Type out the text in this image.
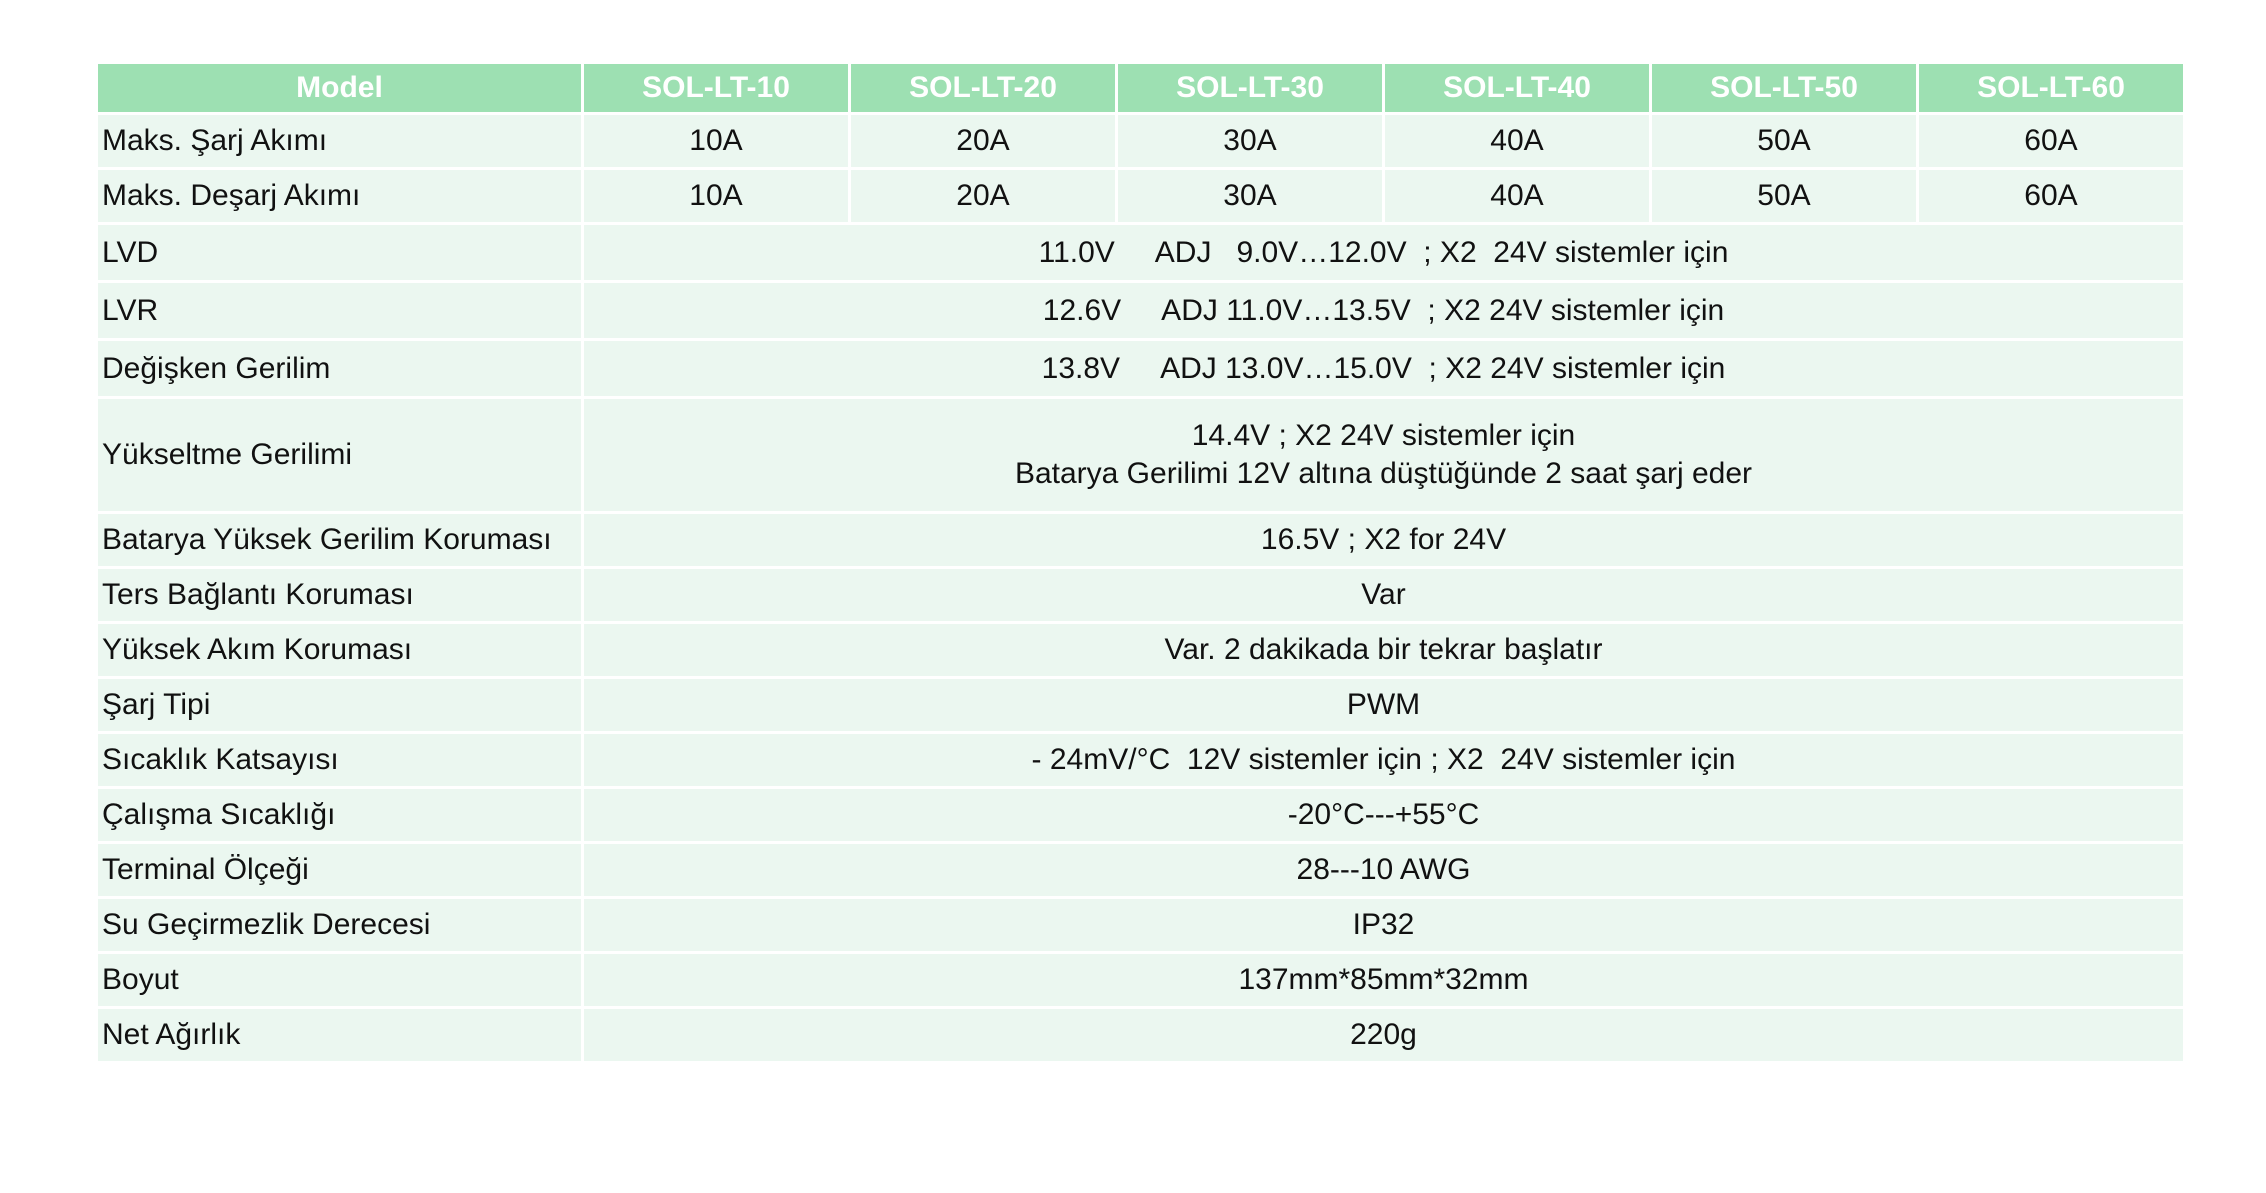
Model	SOL-LT-10	SOL-LT-20	SOL-LT-30	SOL-LT-40	SOL-LT-50	SOL-LT-60
Maks. Şarj Akımı	10A	20A	30A	40A	50A	60A
Maks. Deşarj Akımı	10A	20A	30A	40A	50A	60A
LVD	11.0V     ADJ   9.0V…12.0V  ; X2  24V sistemler için					
LVR	12.6V     ADJ 11.0V…13.5V  ; X2 24V sistemler için					
Değişken Gerilim	13.8V     ADJ 13.0V…15.0V  ; X2 24V sistemler için					
Yükseltme Gerilimi	14.4V ; X2 24V sistemler için
Batarya Gerilimi 12V altına düştüğünde 2 saat şarj eder					

Batarya Yüksek Gerilim Koruması	16.5V ; X2 for 24V					
Ters Bağlantı Koruması	Var					
Yüksek Akım Koruması	Var. 2 dakikada bir tekrar başlatır					
Şarj Tipi	PWM					
Sıcaklık Katsayısı	- 24mV/°C  12V sistemler için ; X2  24V sistemler için					
Çalışma Sıcaklığı	-20°C---+55°C					
Terminal Ölçeği	28---10 AWG					
Su Geçirmezlik Derecesi	IP32					
Boyut	137mm*85mm*32mm					
Net Ağırlık	220g					
